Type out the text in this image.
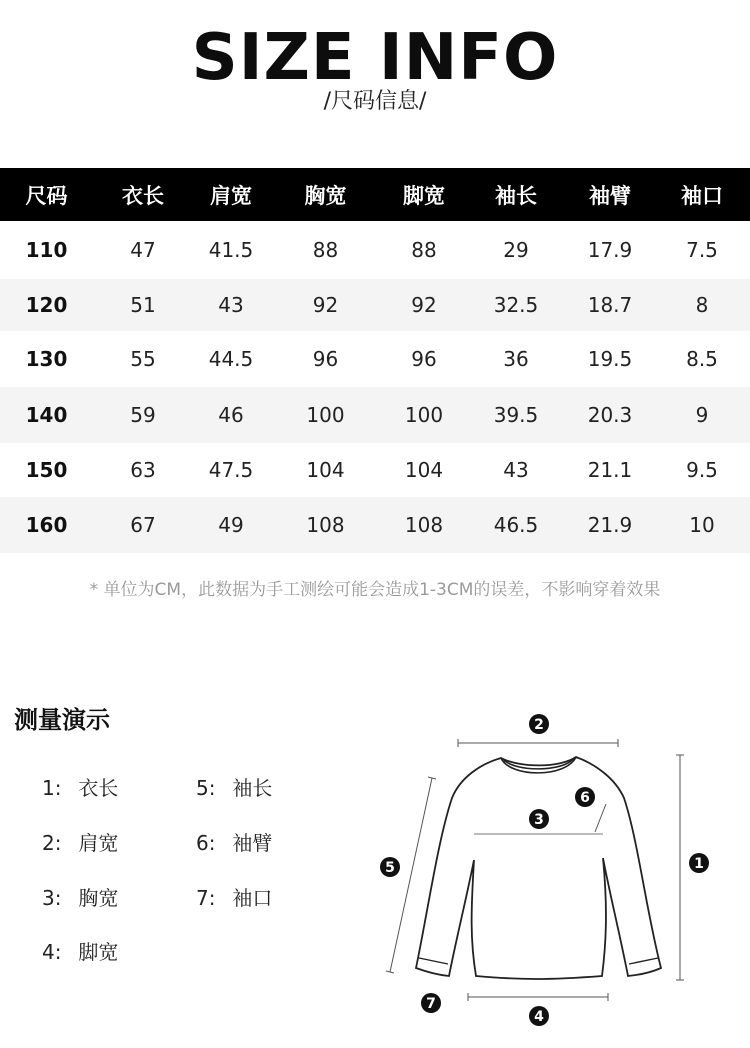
SIZE INFO
/尺码信息/
尺码	衣长	肩宽	胸宽	脚宽	袖长	袖臂	袖口
110	47	41.5	88	88	29	17.9	7.5
120	51	43	92	92	32.5	18.7	8
130	55	44.5	96	96	36	19.5	8.5
140	59	46	100	100	39.5	20.3	9
150	63	47.5	104	104	43	21.1	9.5
160	67	49	108	108	46.5	21.9	10
* 单位为CM，此数据为手工测绘可能会造成1-3CM的误差，不影响穿着效果
测量演示
1: 衣长
2: 肩宽
3: 胸宽
4: 脚宽
5: 袖长
6: 袖臂
7: 袖口
2
6
3
5	1
7
4
